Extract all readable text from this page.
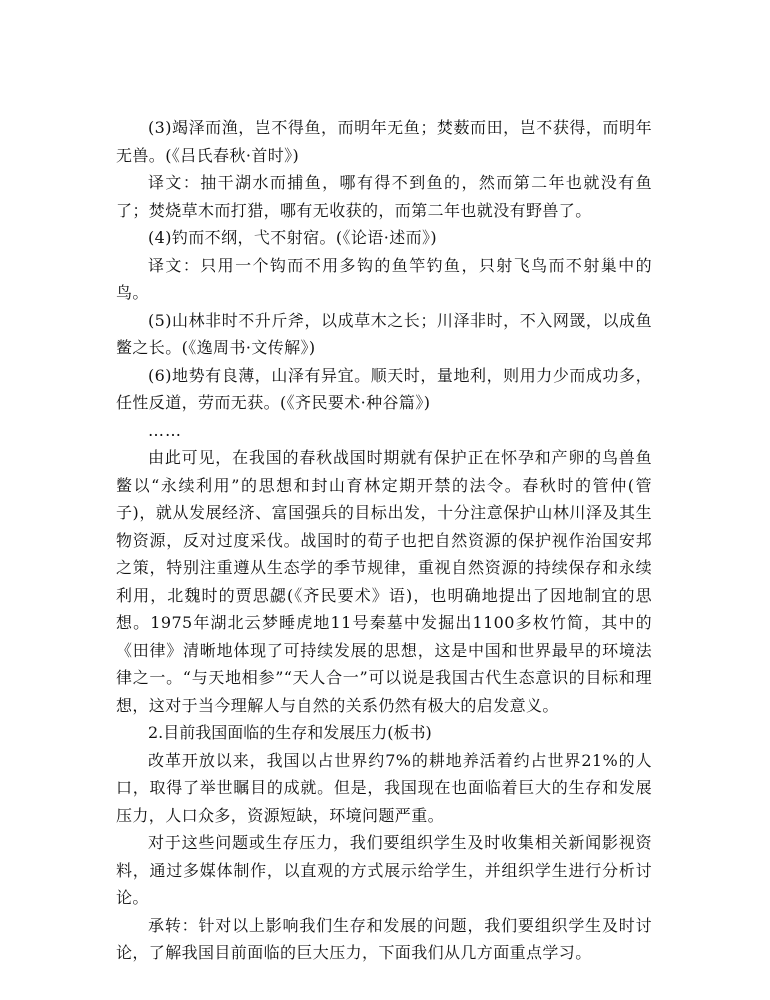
(3)竭泽而渔，岂不得鱼，而明年无鱼；焚薮而田，岂不获得，而明年无兽。(《吕氏春秋·首时》)

译文：抽干湖水而捕鱼，哪有得不到鱼的，然而第二年也就没有鱼了；焚烧草木而打猎，哪有无收获的，而第二年也就没有野兽了。

(4)钓而不纲，弋不射宿。(《论语·述而》)

译文：只用一个钩而不用多钩的鱼竿钓鱼，只射飞鸟而不射巢中的鸟。

(5)山林非时不升斤斧，以成草木之长；川泽非时，不入网罭，以成鱼鳖之长。(《逸周书·文传解》)

(6)地势有良薄，山泽有异宜。顺天时，量地利，则用力少而成功多，任性反道，劳而无获。(《齐民要术·种谷篇》)

……

由此可见，在我国的春秋战国时期就有保护正在怀孕和产卵的鸟兽鱼鳖以“永续利用”的思想和封山育林定期开禁的法令。春秋时的管仲(管子)，就从发展经济、富国强兵的目标出发，十分注意保护山林川泽及其生物资源，反对过度采伐。战国时的荀子也把自然资源的保护视作治国安邦之策，特别注重遵从生态学的季节规律，重视自然资源的持续保存和永续利用，北魏时的贾思勰(《齐民要术》语)，也明确地提出了因地制宜的思想。1975年湖北云梦睡虎地11号秦墓中发掘出1100多枚竹简，其中的《田律》清晰地体现了可持续发展的思想，这是中国和世界最早的环境法律之一。“与天地相参”“天人合一”可以说是我国古代生态意识的目标和理想，这对于当今理解人与自然的关系仍然有极大的启发意义。

2.目前我国面临的生存和发展压力(板书)

改革开放以来，我国以占世界约7%的耕地养活着约占世界21%的人口，取得了举世瞩目的成就。但是，我国现在也面临着巨大的生存和发展压力，人口众多，资源短缺，环境问题严重。

对于这些问题或生存压力，我们要组织学生及时收集相关新闻影视资料，通过多媒体制作，以直观的方式展示给学生，并组织学生进行分析讨论。

承转：针对以上影响我们生存和发展的问题，我们要组织学生及时讨论，了解我国目前面临的巨大压力，下面我们从几方面重点学习。
